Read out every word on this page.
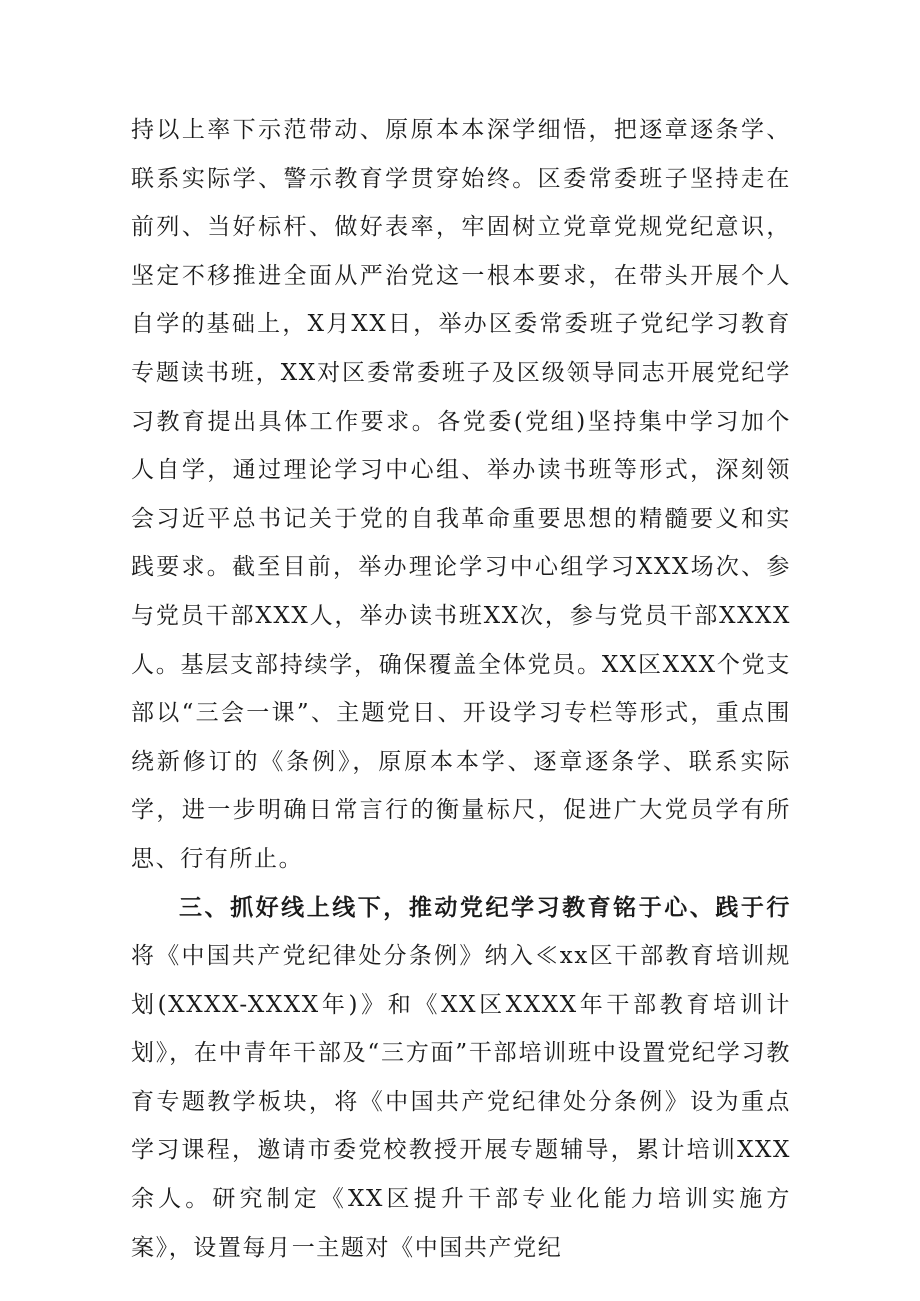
持以上率下示范带动、原原本本深学细悟，把逐章逐条学、联系实际学、警示教育学贯穿始终。区委常委班子坚持走在前列、当好标杆、做好表率，牢固树立党章党规党纪意识，坚定不移推进全面从严治党这一根本要求，在带头开展个人自学的基础上，X月XX日，举办区委常委班子党纪学习教育专题读书班，XX对区委常委班子及区级领导同志开展党纪学习教育提出具体工作要求。各党委(党组)坚持集中学习加个人自学，通过理论学习中心组、举办读书班等形式，深刻领会习近平总书记关于党的自我革命重要思想的精髓要义和实践要求。截至目前，举办理论学习中心组学习XXX场次、参与党员干部XXX人，举办读书班XX次，参与党员干部XXXX人。基层支部持续学，确保覆盖全体党员。XX区XXX个党支部以“三会一课”、主题党日、开设学习专栏等形式，重点围绕新修订的《条例》，原原本本学、逐章逐条学、联系实际学，进一步明确日常言行的衡量标尺，促进广大党员学有所思、行有所止。

三、抓好线上线下，推动党纪学习教育铭于心、践于行将《中国共产党纪律处分条例》纳入≪xx区干部教育培训规划(XXXX-XXXX年)》和《XX区XXXX年干部教育培训计划》，在中青年干部及“三方面”干部培训班中设置党纪学习教育专题教学板块，将《中国共产党纪律处分条例》设为重点学习课程，邀请市委党校教授开展专题辅导，累计培训XXX余人。研究制定《XX区提升干部专业化能力培训实施方案》，设置每月一主题对《中国共产党纪
